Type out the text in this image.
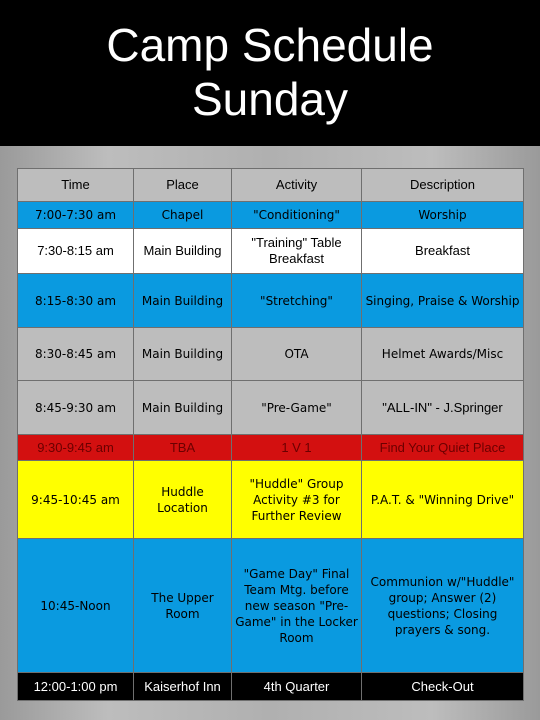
Camp Schedule
Sunday
Time	Place	Activity	Description
7:00-7:30 am	Chapel	"Conditioning"	Worship
7:30-8:15 am	Main Building	"Training" Table Breakfast	Breakfast
8:15-8:30 am	Main Building	"Stretching"	Singing, Praise & Worship
8:30-8:45 am	Main Building	OTA	Helmet Awards/Misc
8:45-9:30 am	Main Building	"Pre-Game"	"ALL-IN" - J.Springer
9:30-9:45 am	TBA	1 V 1	Find Your Quiet Place
9:45-10:45 am	Huddle Location	"Huddle" Group Activity #3 for Further Review	P.A.T. & "Winning Drive"
10:45-Noon	The Upper Room	"Game Day" Final Team Mtg. before new season "Pre-Game" in the Locker Room	Communion w/"Huddle" group; Answer (2) questions; Closing prayers & song.
12:00-1:00 pm	Kaiserhof Inn	4th Quarter	Check-Out
